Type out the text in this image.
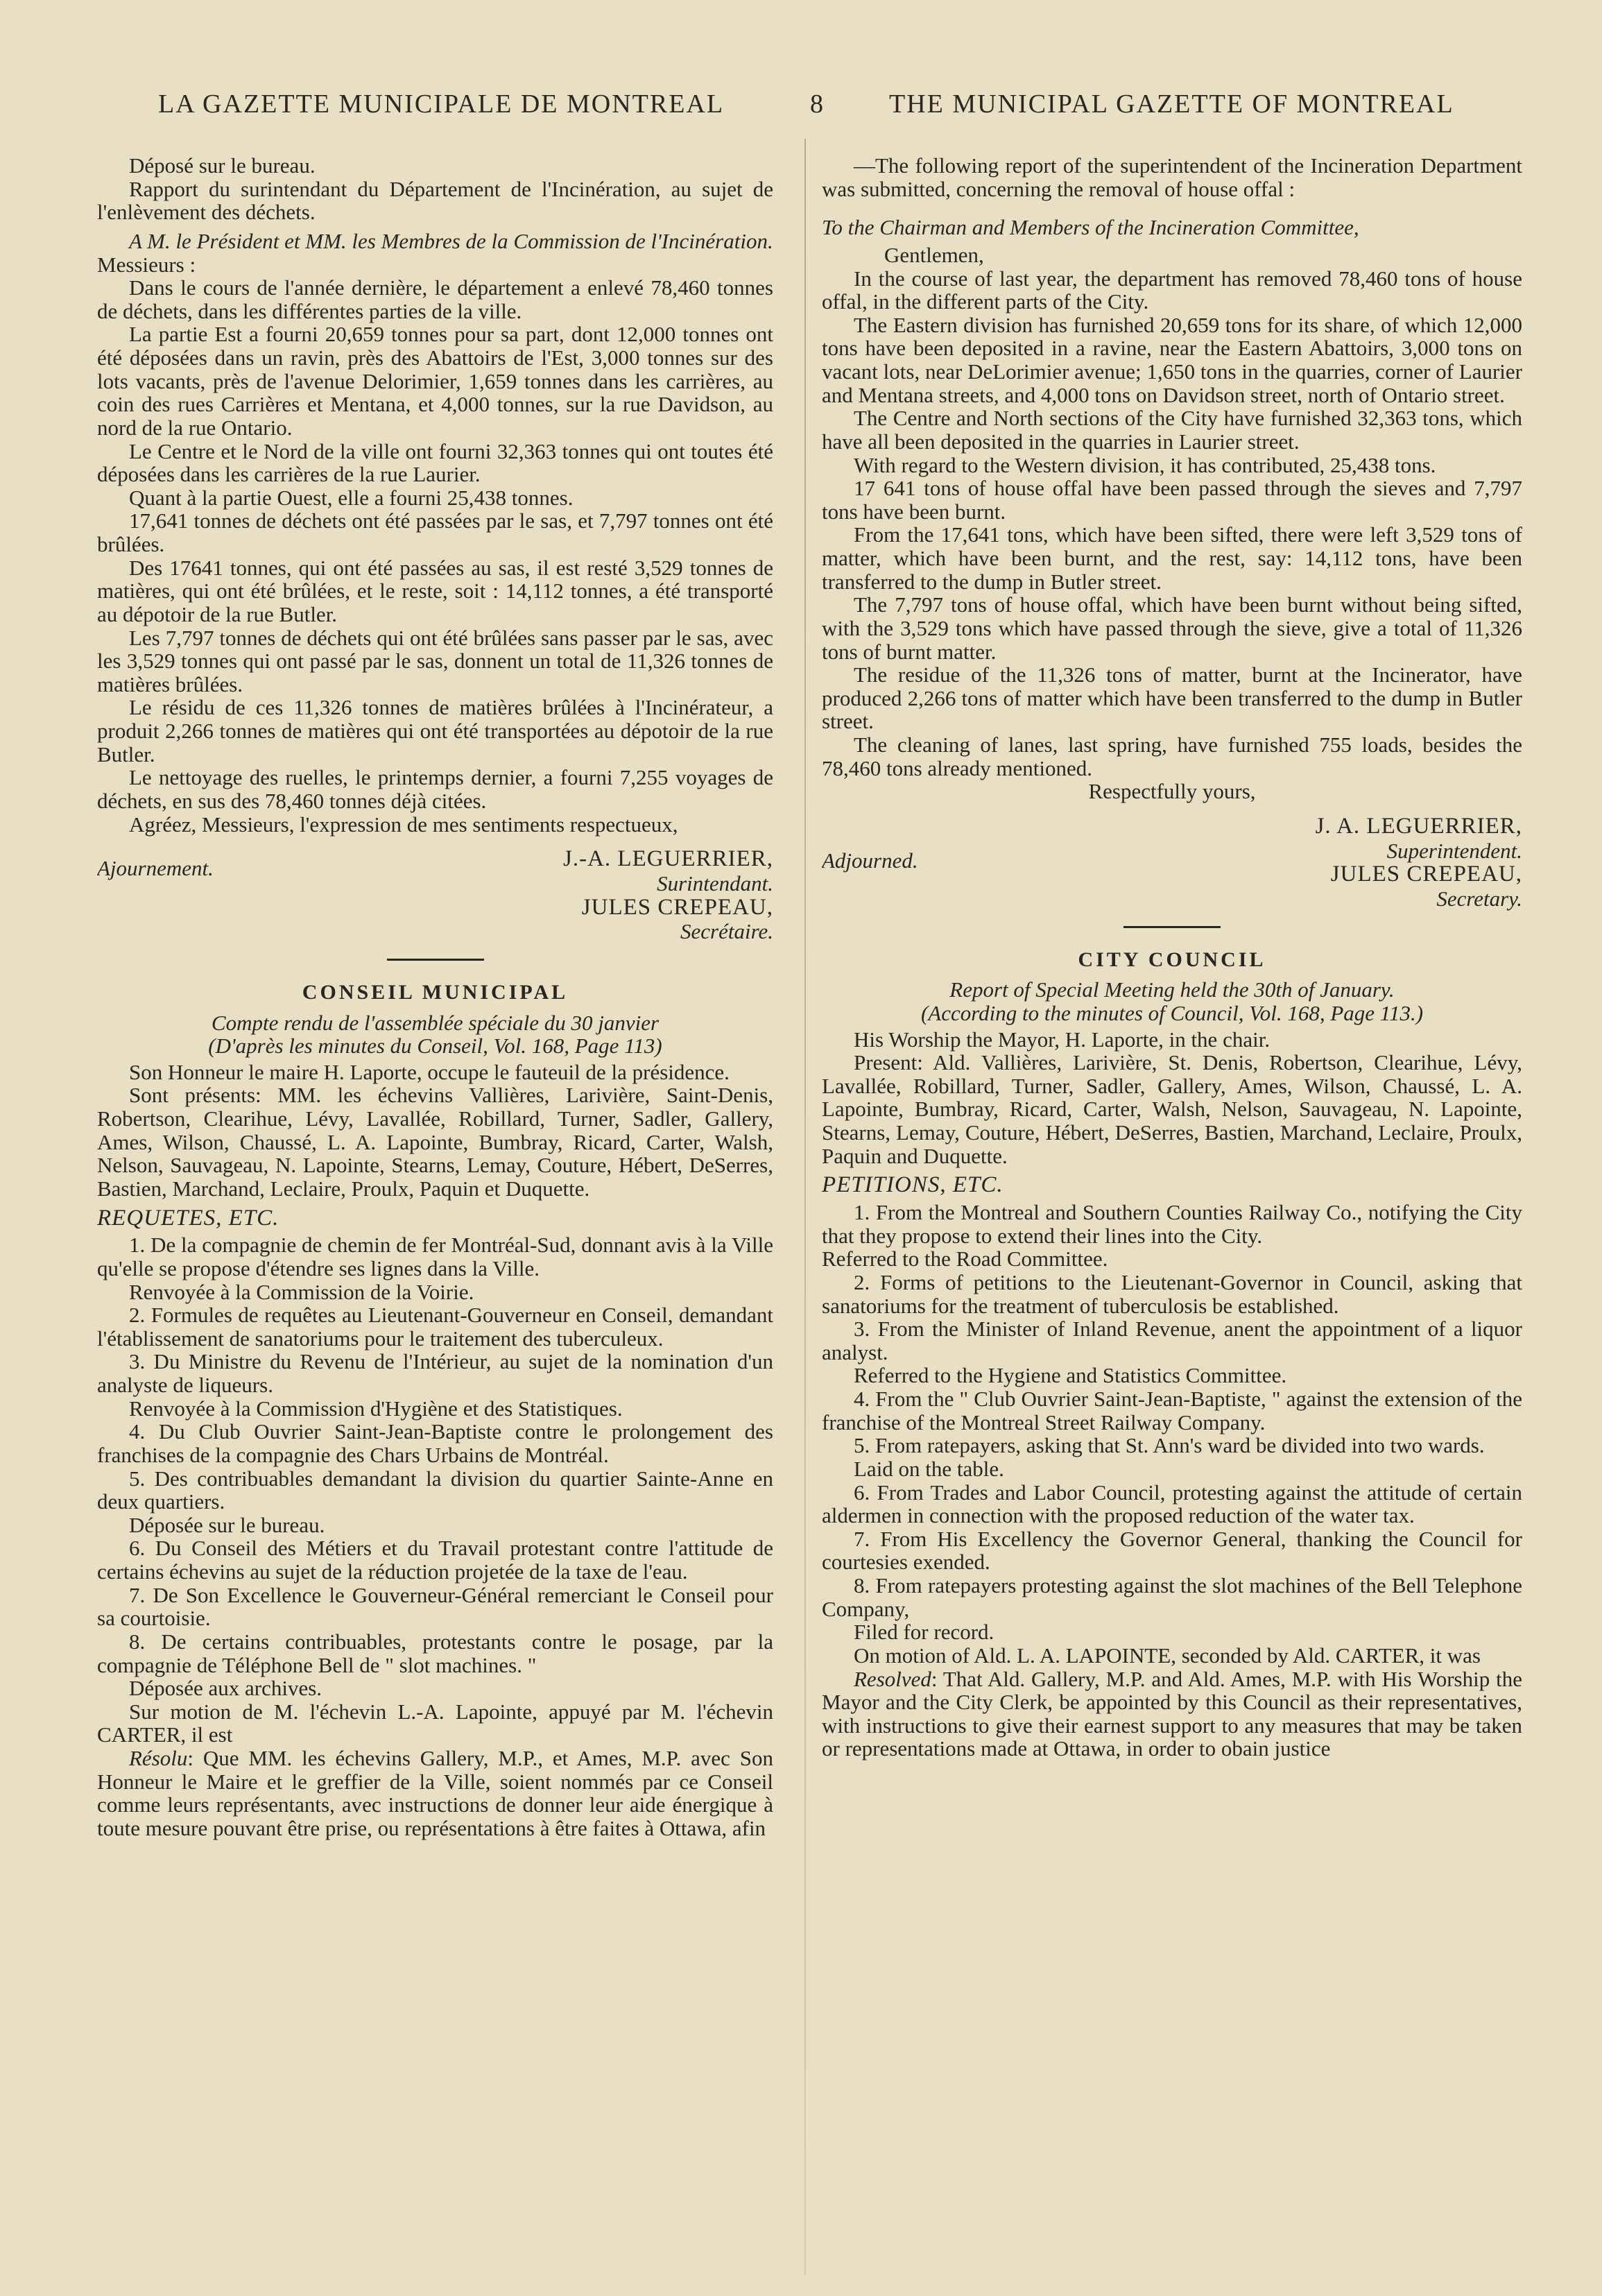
LA GAZETTE MUNICIPALE DE MONTREAL	8	THE MUNICIPAL GAZETTE OF MONTREAL

Déposé sur le bureau.

Rapport du surintendant du Département de l'Incinération, au sujet de l'enlèvement des déchets.

A M. le Président et MM. les Membres de la Commission de l'Incinération.

Messieurs :

Dans le cours de l'année dernière, le département a enlevé 78,460 tonnes de déchets, dans les différentes parties de la ville.

La partie Est a fourni 20,659 tonnes pour sa part, dont 12,000 tonnes ont été déposées dans un ravin, près des Abattoirs de l'Est, 3,000 tonnes sur des lots vacants, près de l'avenue Delorimier, 1,659 tonnes dans les carrières, au coin des rues Carrières et Mentana, et 4,000 tonnes, sur la rue Davidson, au nord de la rue Ontario.

Le Centre et le Nord de la ville ont fourni 32,363 tonnes qui ont toutes été déposées dans les carrières de la rue Laurier.

Quant à la partie Ouest, elle a fourni 25,438 tonnes.

17,641 tonnes de déchets ont été passées par le sas, et 7,797 tonnes ont été brûlées.

Des 17641 tonnes, qui ont été passées au sas, il est resté 3,529 tonnes de matières, qui ont été brûlées, et le reste, soit : 14,112 tonnes, a été transporté au dépotoir de la rue Butler.

Les 7,797 tonnes de déchets qui ont été brûlées sans passer par le sas, avec les 3,529 tonnes qui ont passé par le sas, donnent un total de 11,326 tonnes de matières brûlées.

Le résidu de ces 11,326 tonnes de matières brûlées à l'Incinérateur, a produit 2,266 tonnes de matières qui ont été transportées au dépotoir de la rue Butler.

Le nettoyage des ruelles, le printemps dernier, a fourni 7,255 voyages de déchets, en sus des 78,460 tonnes déjà citées.

Agréez, Messieurs, l'expression de mes sentiments respectueux,

Ajournement.	J.-A. LEGUERRIER,
Surintendant.
JULES CREPEAU,
Secrétaire.
CONSEIL MUNICIPAL
Compte rendu de l'assemblée spéciale du 30 janvier
(D'après les minutes du Conseil, Vol. 168, Page 113)

Son Honneur le maire H. Laporte, occupe le fauteuil de la présidence.

Sont présents: MM. les échevins Vallières, Larivière, Saint-Denis, Robertson, Clearihue, Lévy, Lavallée, Robillard, Turner, Sadler, Gallery, Ames, Wilson, Chaussé, L. A. Lapointe, Bumbray, Ricard, Carter, Walsh, Nelson, Sauvageau, N. Lapointe, Stearns, Lemay, Couture, Hébert, DeSerres, Bastien, Marchand, Leclaire, Proulx, Paquin et Duquette.

REQUETES, ETC.

1. De la compagnie de chemin de fer Montréal-Sud, donnant avis à la Ville qu'elle se propose d'étendre ses lignes dans la Ville.

Renvoyée à la Commission de la Voirie.

2. Formules de requêtes au Lieutenant-Gouverneur en Conseil, demandant l'établissement de sanatoriums pour le traitement des tuberculeux.

3. Du Ministre du Revenu de l'Intérieur, au sujet de la nomination d'un analyste de liqueurs.

Renvoyée à la Commission d'Hygiène et des Statistiques.

4. Du Club Ouvrier Saint-Jean-Baptiste contre le prolongement des franchises de la compagnie des Chars Urbains de Montréal.

5. Des contribuables demandant la division du quartier Sainte-Anne en deux quartiers.

Déposée sur le bureau.

6. Du Conseil des Métiers et du Travail protestant contre l'attitude de certains échevins au sujet de la réduction projetée de la taxe de l'eau.

7. De Son Excellence le Gouverneur-Général remerciant le Conseil pour sa courtoisie.

8. De certains contribuables, protestants contre le posage, par la compagnie de Téléphone Bell de " slot machines. "

Déposée aux archives.

Sur motion de M. l'échevin L.-A. Lapointe, appuyé par M. l'échevin CARTER, il est

Résolu: Que MM. les échevins Gallery, M.P., et Ames, M.P. avec Son Honneur le Maire et le greffier de la Ville, soient nommés par ce Conseil comme leurs représentants, avec instructions de donner leur aide énergique à toute mesure pouvant être prise, ou représentations à être faites à Ottawa, afin

—The following report of the superintendent of the Incineration Department was submitted, concerning the removal of house offal :

To the Chairman and Members of the Incineration Committee,

Gentlemen,

In the course of last year, the department has removed 78,460 tons of house offal, in the different parts of the City.

The Eastern division has furnished 20,659 tons for its share, of which 12,000 tons have been deposited in a ravine, near the Eastern Abattoirs, 3,000 tons on vacant lots, near DeLorimier avenue; 1,650 tons in the quarries, corner of Laurier and Mentana streets, and 4,000 tons on Davidson street, north of Ontario street.

The Centre and North sections of the City have furnished 32,363 tons, which have all been deposited in the quarries in Laurier street.

With regard to the Western division, it has contributed, 25,438 tons.

17 641 tons of house offal have been passed through the sieves and 7,797 tons have been burnt.

From the 17,641 tons, which have been sifted, there were left 3,529 tons of matter, which have been burnt, and the rest, say: 14,112 tons, have been transferred to the dump in Butler street.

The 7,797 tons of house offal, which have been burnt without being sifted, with the 3,529 tons which have passed through the sieve, give a total of 11,326 tons of burnt matter.

The residue of the 11,326 tons of matter, burnt at the Incinerator, have produced 2,266 tons of matter which have been transferred to the dump in Butler street.

The cleaning of lanes, last spring, have furnished 755 loads, besides the 78,460 tons already mentioned.

Respectfully yours,

Adjourned.
J. A. LEGUERRIER,
Superintendent.
JULES CREPEAU,
Secretary.
CITY COUNCIL
Report of Special Meeting held the 30th of January.
(According to the minutes of Council, Vol. 168, Page 113.)

His Worship the Mayor, H. Laporte, in the chair.

Present: Ald. Vallières, Larivière, St. Denis, Robertson, Clearihue, Lévy, Lavallée, Robillard, Turner, Sadler, Gallery, Ames, Wilson, Chaussé, L. A. Lapointe, Bumbray, Ricard, Carter, Walsh, Nelson, Sauvageau, N. Lapointe, Stearns, Lemay, Couture, Hébert, DeSerres, Bastien, Marchand, Leclaire, Proulx, Paquin and Duquette.

PETITIONS, ETC.

1. From the Montreal and Southern Counties Railway Co., notifying the City that they propose to extend their lines into the City.

Referred to the Road Committee.

2. Forms of petitions to the Lieutenant-Governor in Council, asking that sanatoriums for the treatment of tuberculosis be established.

3. From the Minister of Inland Revenue, anent the appointment of a liquor analyst.

Referred to the Hygiene and Statistics Committee.

4. From the " Club Ouvrier Saint-Jean-Baptiste, " against the extension of the franchise of the Montreal Street Railway Company.

5. From ratepayers, asking that St. Ann's ward be divided into two wards.

Laid on the table.

6. From Trades and Labor Council, protesting against the attitude of certain aldermen in connection with the proposed reduction of the water tax.

7. From His Excellency the Governor General, thanking the Council for courtesies exended.

8. From ratepayers protesting against the slot machines of the Bell Telephone Company,

Filed for record.

On motion of Ald. L. A. LAPOINTE, seconded by Ald. CARTER, it was

Resolved: That Ald. Gallery, M.P. and Ald. Ames, M.P. with His Worship the Mayor and the City Clerk, be appointed by this Council as their representatives, with instructions to give their earnest support to any measures that may be taken or representations made at Ottawa, in order to obain justice
